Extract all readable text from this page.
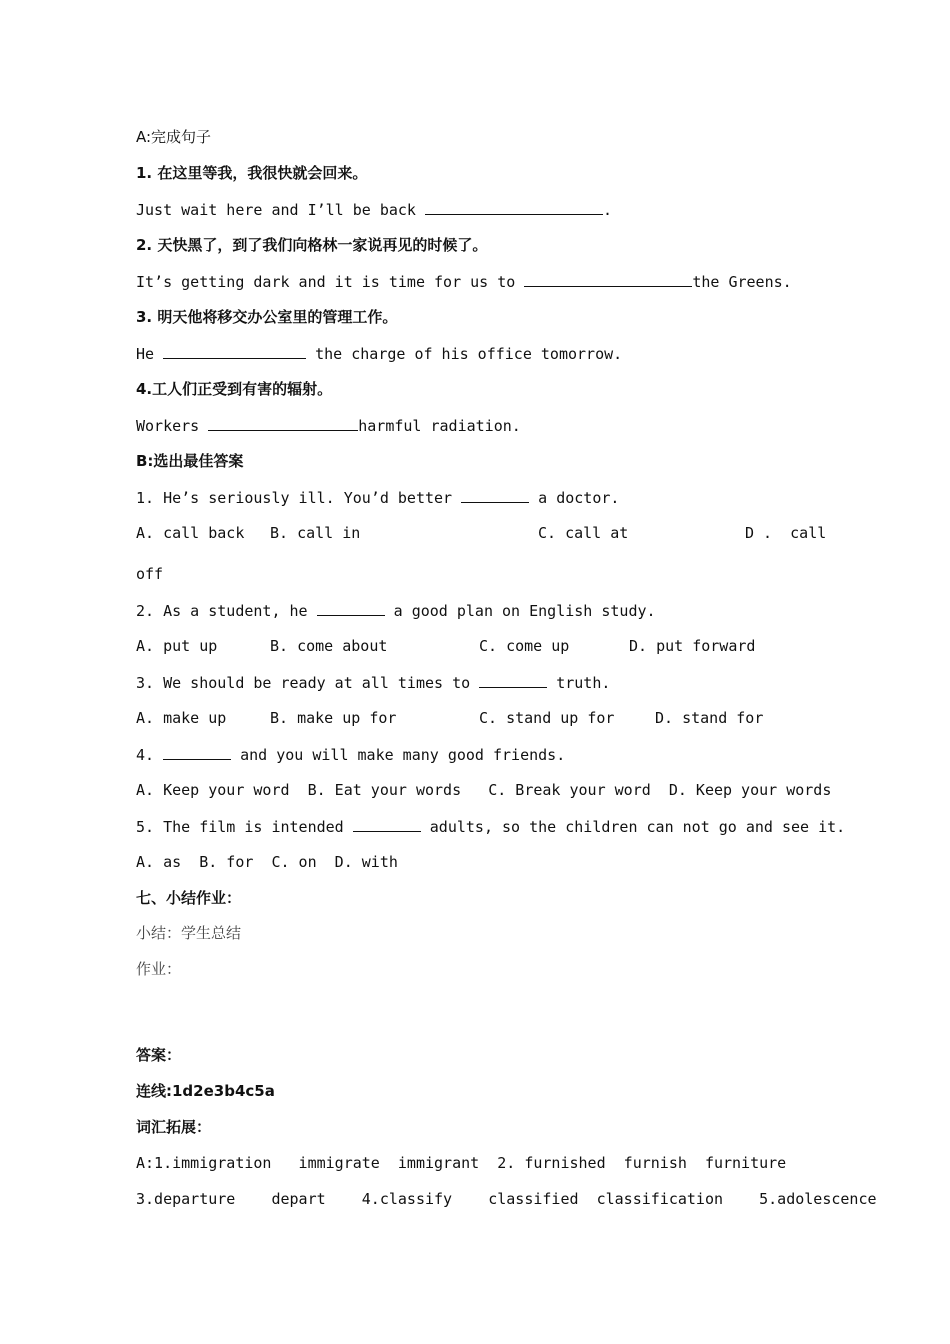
A:完成句子
1. 在这里等我，我很快就会回来。
Just wait here and I’ll be back	.
2. 天快黑了，到了我们向格林一家说再见的时候了。
It’s getting dark and it is time for us to	the Greens.
3. 明天他将移交办公室里的管理工作。
He	the charge of his office tomorrow.
4.工人们正受到有害的辐射。
Workers	harmful radiation.
B:选出最佳答案
1. He’s seriously ill. You’d better	a doctor.
A. call back B. call in	C. call at	D .  call
off
2. As a student, he	a good plan on English study.
A. put up	B. come about	C. come up	D. put forward
3. We should be ready at all times to	truth.
A. make up	B. make up for	C. stand up for	D. stand for
4.	and you will make many good friends.
A. Keep your word  B. Eat your words   C. Break your word  D. Keep your words
5. The film is intended	adults, so the children can not go and see it.
A. as  B. for  C. on  D. with
七、小结作业：
小结：学生总结
作业：
答案：
连线:1d2e3b4c5a
词汇拓展：
A:1.immigration   immigrate  immigrant  2. furnished  furnish  furniture
3.departure    depart    4.classify    classified  classification    5.adolescence
